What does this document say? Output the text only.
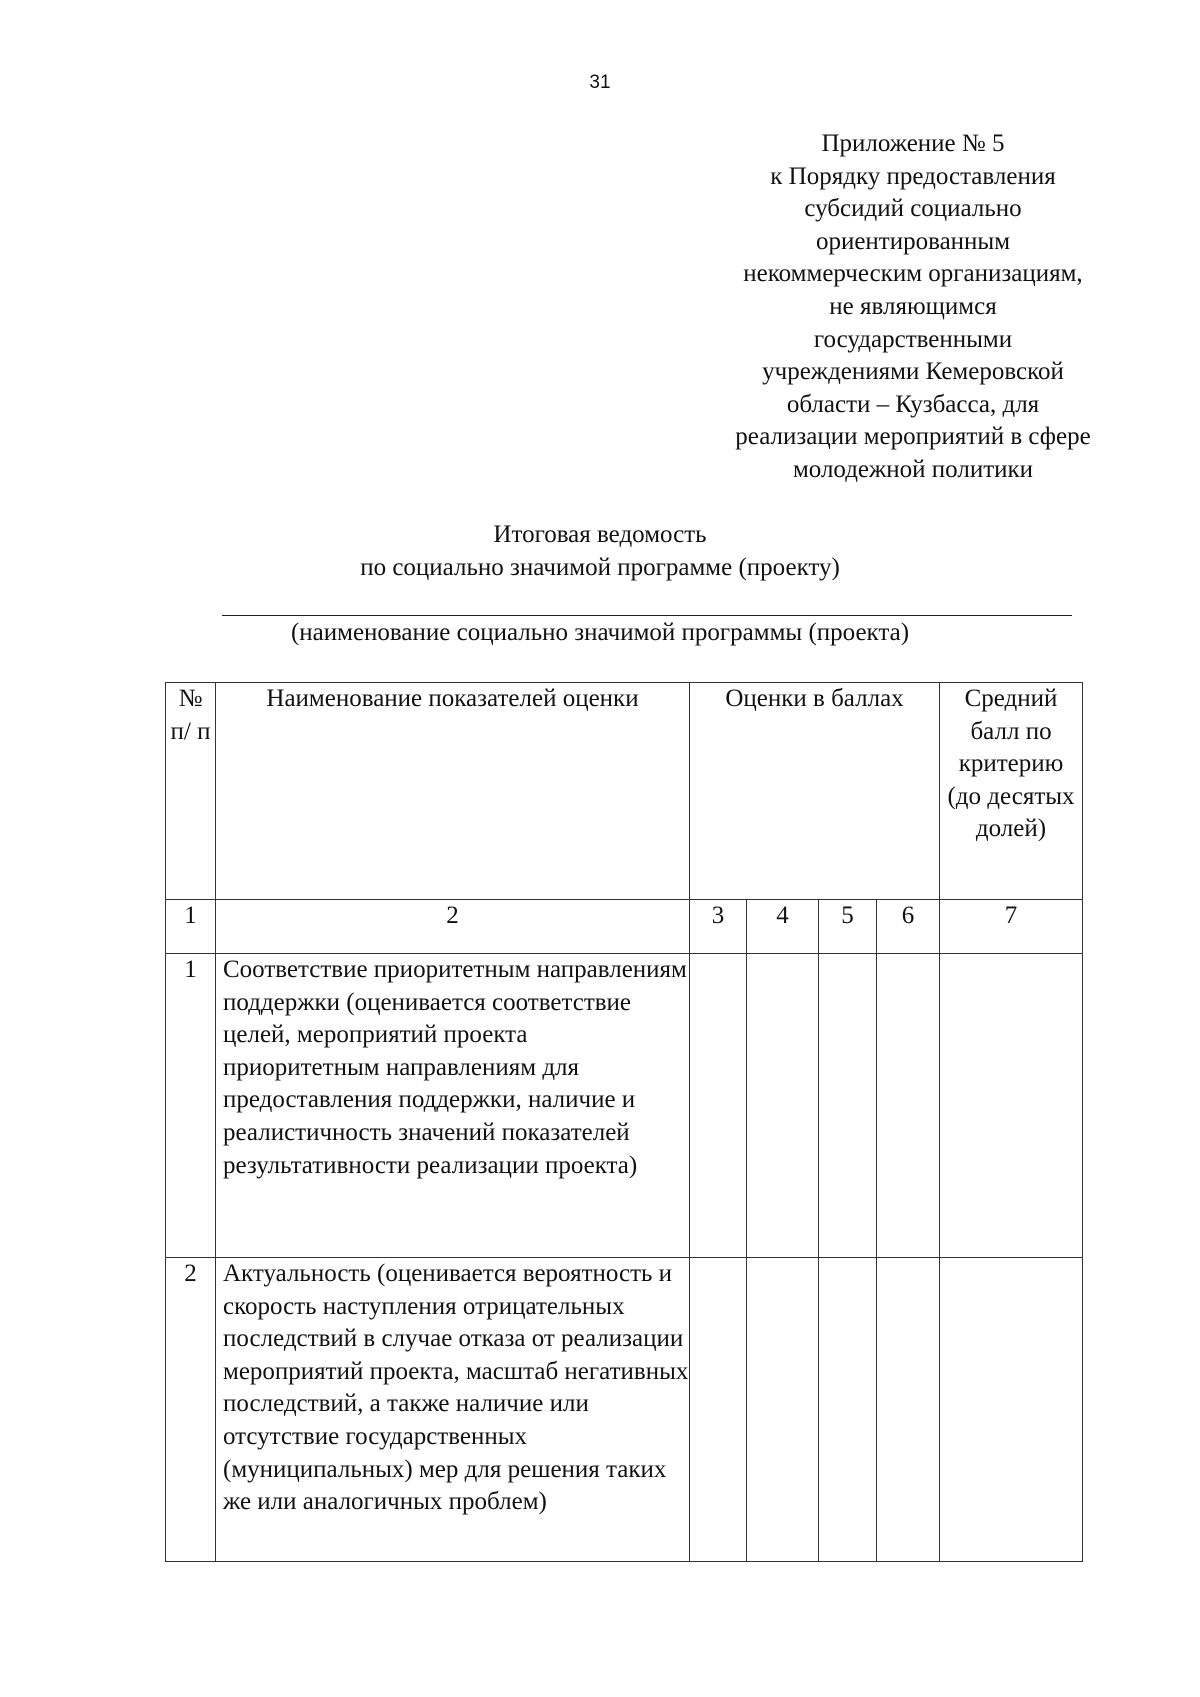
31
Приложение № 5
к Порядку предоставления
субсидий социально
ориентированным
некоммерческим организациям,
не являющимся
государственными
учреждениями Кемеровской
области – Кузбасса, для
реализации мероприятий в сфере
молодежной политики
Итоговая ведомость
по социально значимой программе (проекту)
(наименование социально значимой программы (проекта)
№ п/ п	Наименование показателей оценки	Оценки в баллах				Средний балл по критерию (до десятых долей)
1	2	3	4	5	6	7
1	Соответствие приоритетным направлениям поддержки (оценивается соответствие целей, мероприятий проекта приоритетным направлениям для предоставления поддержки, наличие и реалистичность значений показателей результативности реализации проекта)					
2	Актуальность (оценивается вероятность и скорость наступления отрицательных последствий в случае отказа от реализации мероприятий проекта, масштаб негативных последствий, а также наличие или отсутствие государственных (муниципальных) мер для решения таких же или аналогичных проблем)					
